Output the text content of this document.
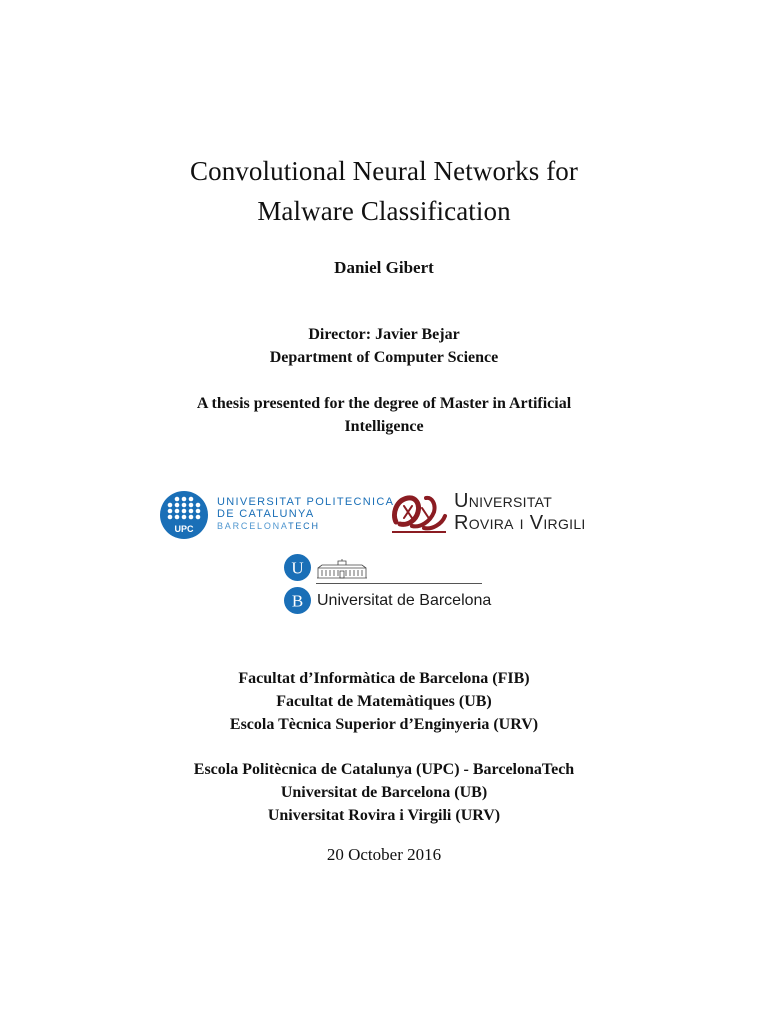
Convolutional Neural Networks for
Malware Classification
Daniel Gibert
Director: Javier Bejar
Department of Computer Science
A thesis presented for the degree of Master in Artificial
Intelligence
UPC
UNIVERSITAT POLITECNICA
DE CATALUNYA
BARCELONATECH
Universitat
Rovira i Virgili
U
B Universitat de Barcelona
Facultat d’Informàtica de Barcelona (FIB)
Facultat de Matemàtiques (UB)
Escola Tècnica Superior d’Enginyeria (URV)
Escola Politècnica de Catalunya (UPC) - BarcelonaTech
Universitat de Barcelona (UB)
Universitat Rovira i Virgili (URV)
20 October 2016
